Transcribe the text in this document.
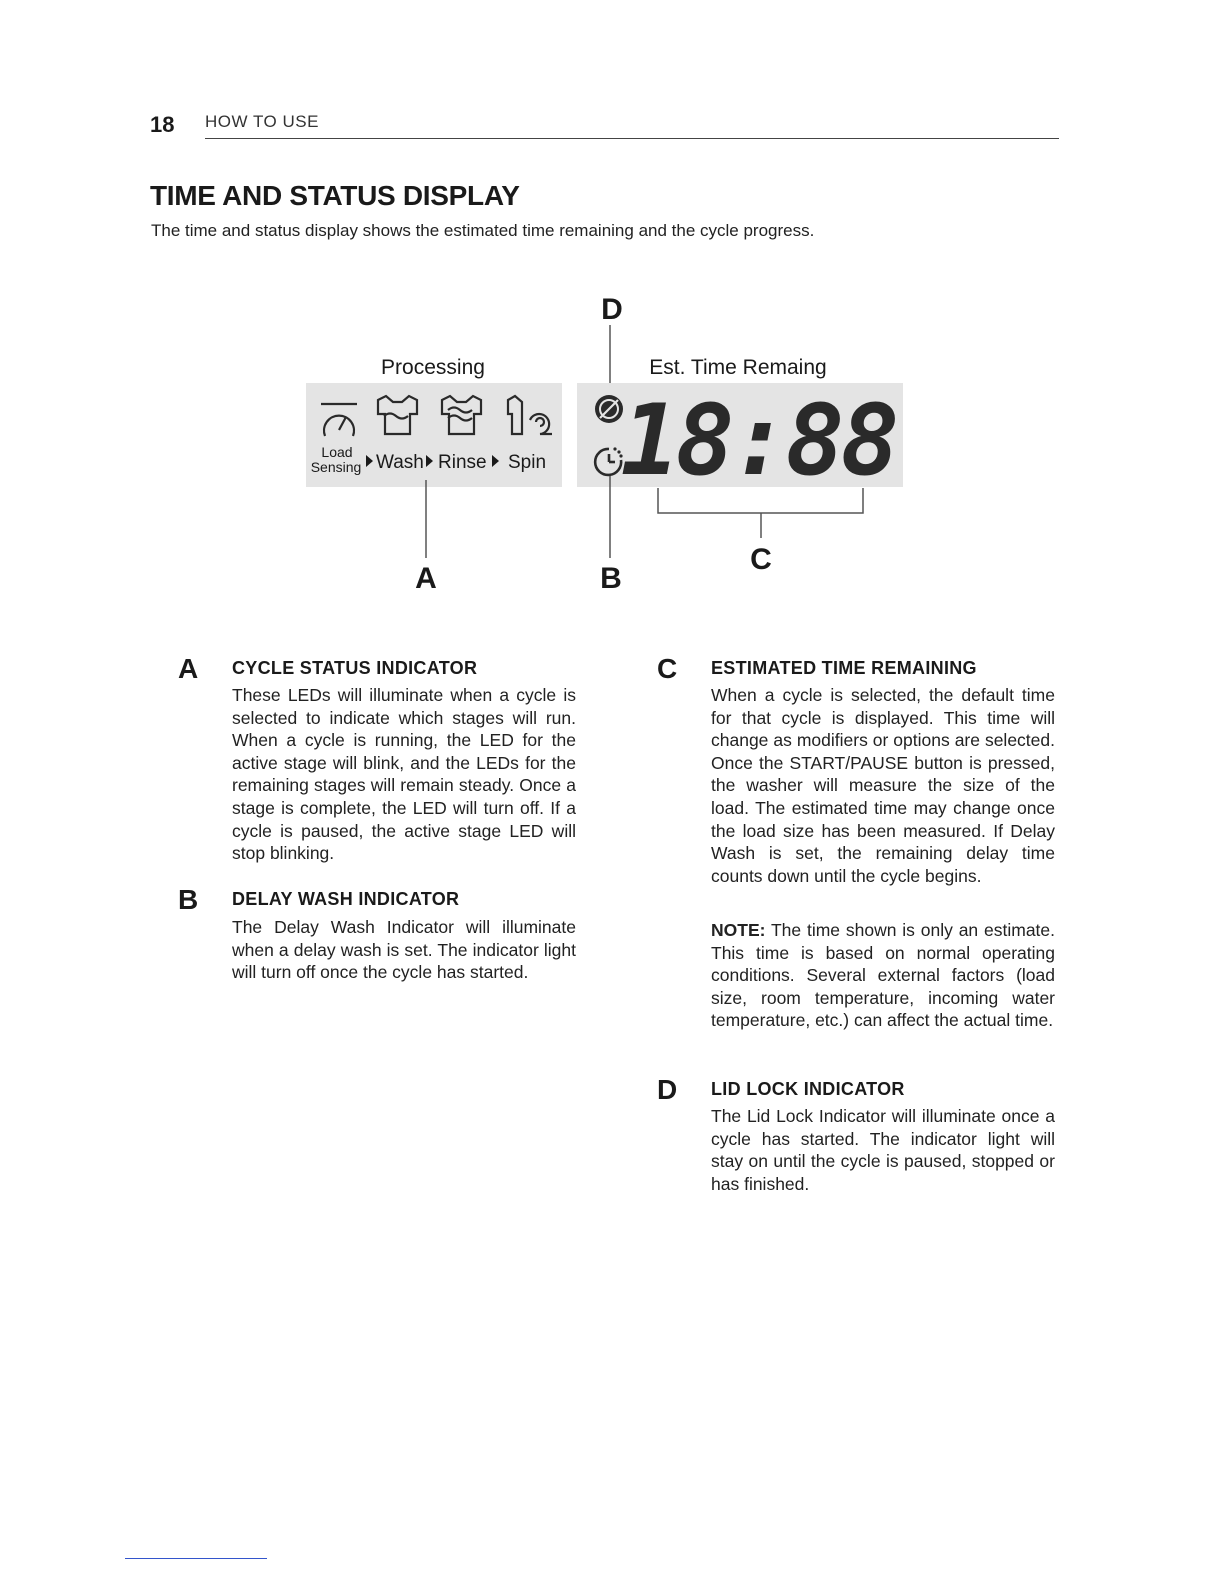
18 HOW TO USE
TIME AND STATUS DISPLAY

The time and status display shows the estimated time remaining and the cycle progress.

D
Processing	Est. Time Remaing
Load
Sensing Wash Rinse Spin 18:88
C
A	B
A CYCLE STATUS INDICATOR

These LEDs will illuminate when a cycle is selected to indicate which stages will run. When a cycle is running, the LED for the active stage will blink, and the LEDs for the remaining stages will remain steady. Once a stage is complete, the LED will turn off. If a cycle is paused, the active stage LED will stop blinking.

B DELAY WASH INDICATOR

The Delay Wash Indicator will illuminate when a delay wash is set. The indicator light will turn off once the cycle has started.

C ESTIMATED TIME REMAINING

When a cycle is selected, the default time for that cycle is displayed. This time will change as modifiers or options are selected. Once the START/PAUSE button is pressed, the washer will measure the size of the load. The estimated time may change once the load size has been measured. If Delay Wash is set, the remaining delay time counts down until the cycle begins.

NOTE: The time shown is only an estimate. This time is based on normal operating conditions. Several external factors (load size, room temperature, incoming water temperature, etc.) can affect the actual time.

D LID LOCK INDICATOR

The Lid Lock Indicator will illuminate once a cycle has started. The indicator light will stay on until the cycle is paused, stopped or has finished.
